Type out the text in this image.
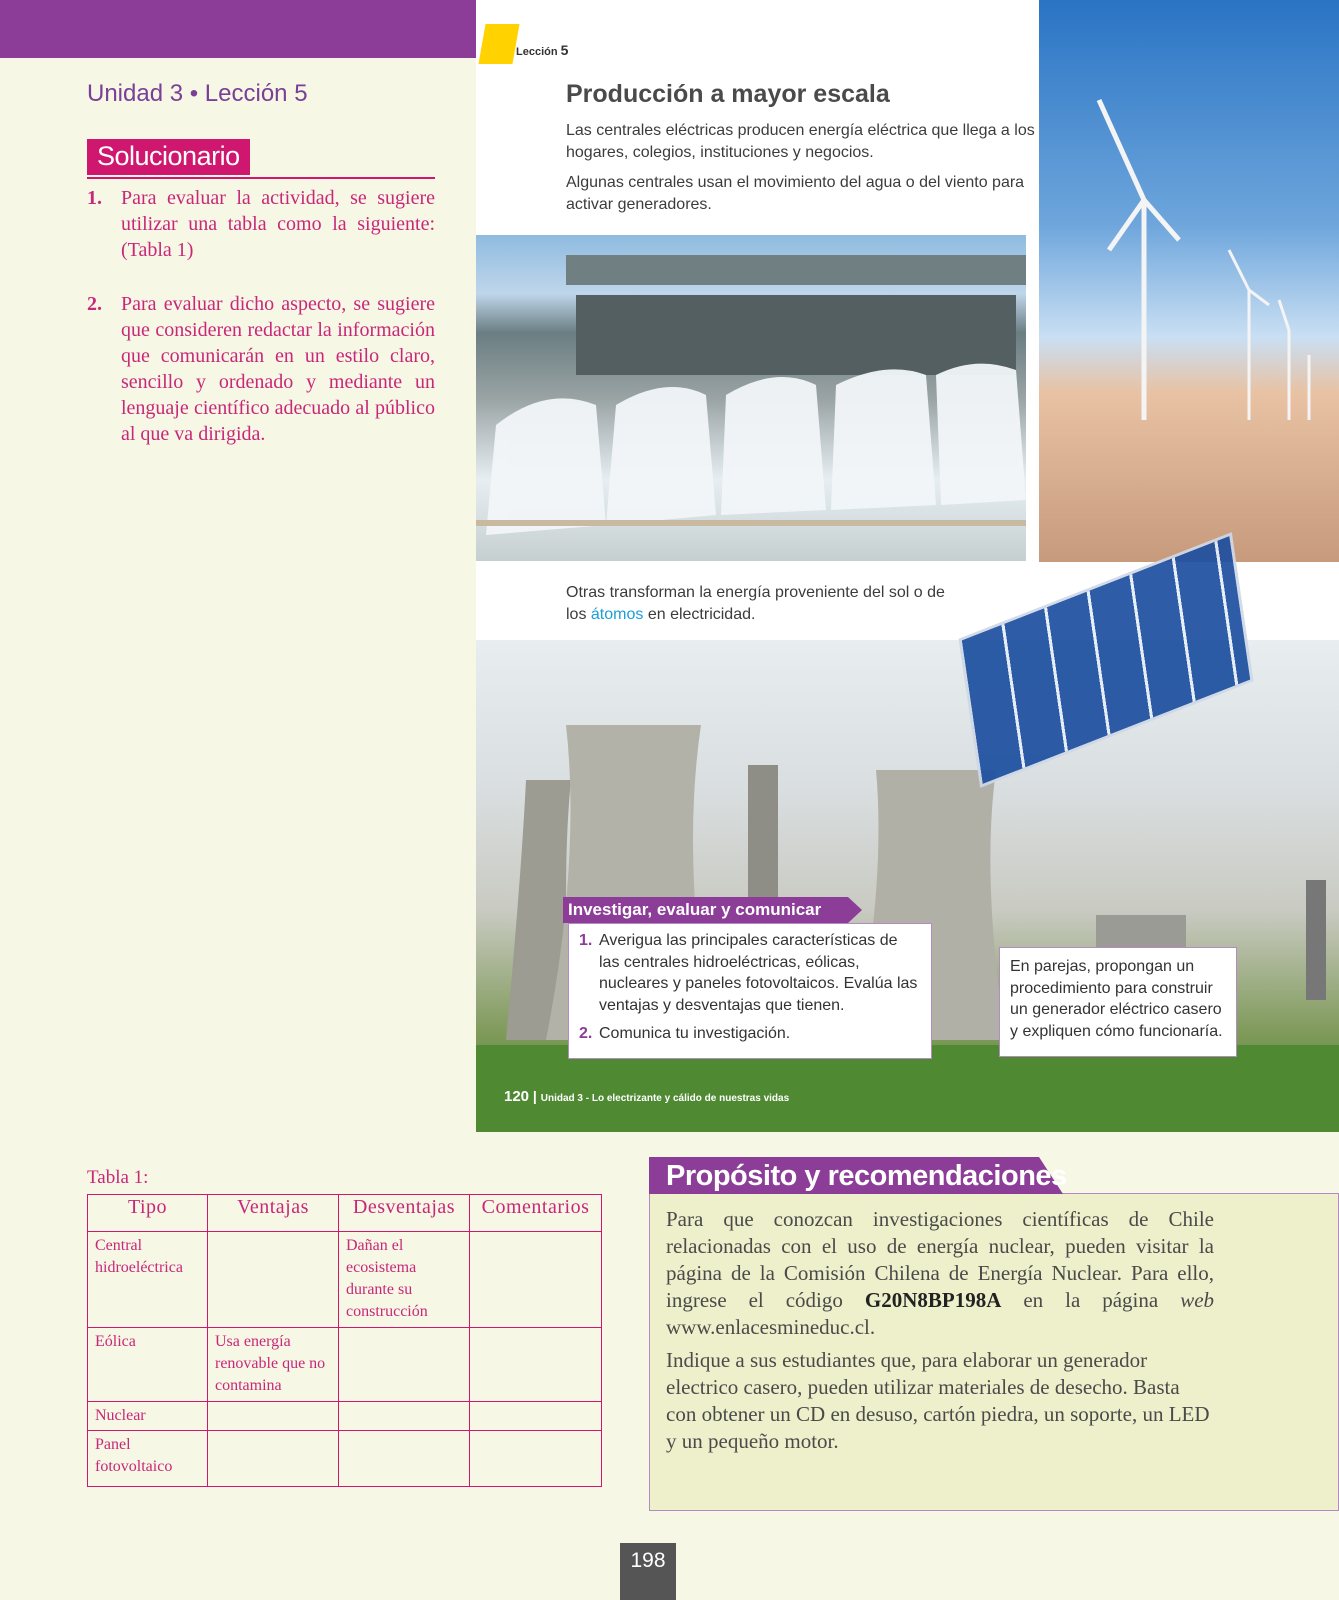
Unidad 3 • Lección 5
Solucionario
1. Para evaluar la actividad, se sugiere utilizar una tabla como la siguiente: (Tabla 1)
2. Para evaluar dicho aspecto, se sugiere que consideren redactar la información que comunicarán en un estilo claro, sencillo y ordenado y mediante un lenguaje científico adecuado al público al que va dirigida.
Lección 5
Producción a mayor escala
Las centrales eléctricas producen energía eléctrica que llega a los hogares, colegios, instituciones y negocios.
Algunas centrales usan el movimiento del agua o del viento para activar generadores.
Otras transforman la energía proveniente del sol o de los átomos en electricidad.
Investigar, evaluar y comunicar
1. Averigua las principales características de las centrales hidroeléctricas, eólicas, nucleares y paneles fotovoltaicos. Evalúa las ventajas y desventajas que tienen.
2. Comunica tu investigación.
En parejas, propongan un procedimiento para construir un generador eléctrico casero y expliquen cómo funcionaría.
120 | Unidad 3 - Lo electrizante y cálido de nuestras vidas
Tabla 1:
Tipo	Ventajas	Desventajas	Comentarios
Central hidroeléctrica		Dañan el ecosistema durante su construcción	
Eólica	Usa energía renovable que no contamina		
Nuclear			
Panel fotovoltaico			
Propósito y recomendaciones

Para que conozcan investigaciones científicas de Chile relacionadas con el uso de energía nuclear, pueden visitar la página de la Comisión Chilena de Energía Nuclear. Para ello, ingrese el código G20N8BP198A en la página web www.enlacesmineduc.cl.

Indique a sus estudiantes que, para elaborar un generador electrico casero, pueden utilizar materiales de desecho. Basta con obtener un CD en desuso, cartón piedra, un soporte, un LED y un pequeño motor.

198
